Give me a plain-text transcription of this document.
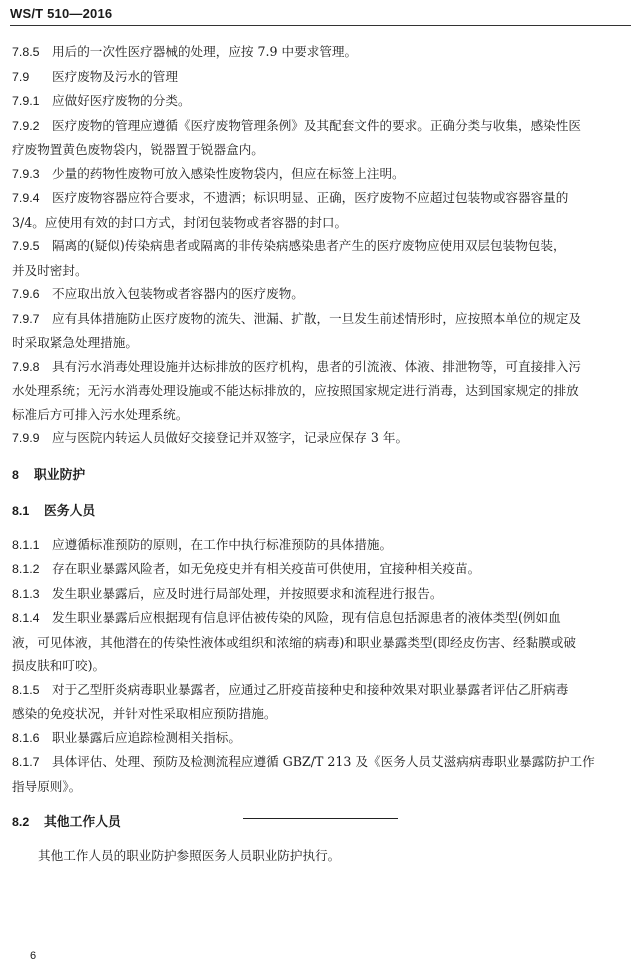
WS/T 510—2016
7.8.5 用后的一次性医疗器械的处理，应按 7.9 中要求管理。
7.9 医疗废物及污水的管理
7.9.1 应做好医疗废物的分类。
7.9.2 医疗废物的管理应遵循《医疗废物管理条例》及其配套文件的要求。正确分类与收集，感染性医
疗废物置黄色废物袋内，锐器置于锐器盒内。
7.9.3 少量的药物性废物可放入感染性废物袋内，但应在标签上注明。
7.9.4 医疗废物容器应符合要求，不遗洒；标识明显、正确，医疗废物不应超过包装物或容器容量的
3/4。应使用有效的封口方式，封闭包装物或者容器的封口。
7.9.5 隔离的(疑似)传染病患者或隔离的非传染病感染患者产生的医疗废物应使用双层包装物包装，
并及时密封。
7.9.6 不应取出放入包装物或者容器内的医疗废物。
7.9.7 应有具体措施防止医疗废物的流失、泄漏、扩散，一旦发生前述情形时，应按照本单位的规定及
时采取紧急处理措施。
7.9.8 具有污水消毒处理设施并达标排放的医疗机构，患者的引流液、体液、排泄物等，可直接排入污
水处理系统；无污水消毒处理设施或不能达标排放的，应按照国家规定进行消毒，达到国家规定的排放
标准后方可排入污水处理系统。
7.9.9 应与医院内转运人员做好交接登记并双签字，记录应保存 3 年。
8 职业防护
8.1 医务人员
8.1.1 应遵循标准预防的原则，在工作中执行标准预防的具体措施。
8.1.2 存在职业暴露风险者，如无免疫史并有相关疫苗可供使用，宜接种相关疫苗。
8.1.3 发生职业暴露后，应及时进行局部处理，并按照要求和流程进行报告。
8.1.4 发生职业暴露后应根据现有信息评估被传染的风险，现有信息包括源患者的液体类型(例如血
液，可见体液，其他潜在的传染性液体或组织和浓缩的病毒)和职业暴露类型(即经皮伤害、经黏膜或破
损皮肤和叮咬)。
8.1.5 对于乙型肝炎病毒职业暴露者，应通过乙肝疫苗接种史和接种效果对职业暴露者评估乙肝病毒
感染的免疫状况，并针对性采取相应预防措施。
8.1.6 职业暴露后应追踪检测相关指标。
8.1.7 具体评估、处理、预防及检测流程应遵循 GBZ/T 213 及《医务人员艾滋病病毒职业暴露防护工作
指导原则》。
8.2 其他工作人员
其他工作人员的职业防护参照医务人员职业防护执行。
6
